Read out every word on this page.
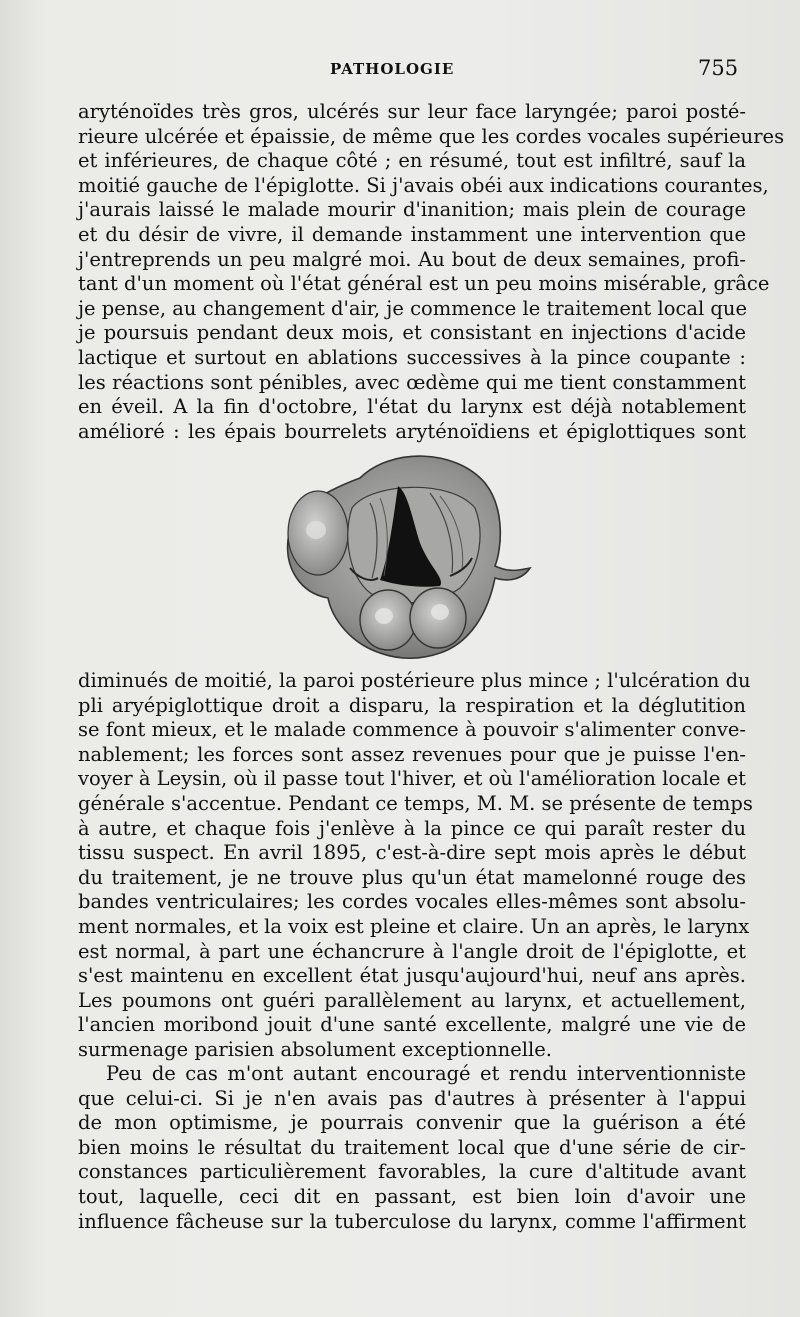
PATHOLOGIE	755
aryténoïdes très gros, ulcérés sur leur face laryngée; paroi posté-
rieure ulcérée et épaissie, de même que les cordes vocales supérieures
et inférieures, de chaque côté ; en résumé, tout est infiltré, sauf la
moitié gauche de l'épiglotte. Si j'avais obéi aux indications courantes,
j'aurais laissé le malade mourir d'inanition; mais plein de courage
et du désir de vivre, il demande instamment une intervention que
j'entreprends un peu malgré moi. Au bout de deux semaines, profi-
tant d'un moment où l'état général est un peu moins misérable, grâce
je pense, au changement d'air, je commence le traitement local que
je poursuis pendant deux mois, et consistant en injections d'acide
lactique et surtout en ablations successives à la pince coupante :
les réactions sont pénibles, avec œdème qui me tient constamment
en éveil. A la fin d'octobre, l'état du larynx est déjà notablement
amélioré : les épais bourrelets aryténoïdiens et épiglottiques sont
diminués de moitié, la paroi postérieure plus mince ; l'ulcération du
pli aryépiglottique droit a disparu, la respiration et la déglutition
se font mieux, et le malade commence à pouvoir s'alimenter conve-
nablement; les forces sont assez revenues pour que je puisse l'en-
voyer à Leysin, où il passe tout l'hiver, et où l'amélioration locale et
générale s'accentue. Pendant ce temps, M. M. se présente de temps
à autre, et chaque fois j'enlève à la pince ce qui paraît rester du
tissu suspect. En avril 1895, c'est-à-dire sept mois après le début
du traitement, je ne trouve plus qu'un état mamelonné rouge des
bandes ventriculaires; les cordes vocales elles-mêmes sont absolu-
ment normales, et la voix est pleine et claire. Un an après, le larynx
est normal, à part une échancrure à l'angle droit de l'épiglotte, et
s'est maintenu en excellent état jusqu'aujourd'hui, neuf ans après.
Les poumons ont guéri parallèlement au larynx, et actuellement,
l'ancien moribond jouit d'une santé excellente, malgré une vie de
surmenage parisien absolument exceptionnelle.
Peu de cas m'ont autant encouragé et rendu interventionniste
que celui-ci. Si je n'en avais pas d'autres à présenter à l'appui
de mon optimisme, je pourrais convenir que la guérison a été
bien moins le résultat du traitement local que d'une série de cir-
constances particulièrement favorables, la cure d'altitude avant
tout, laquelle, ceci dit en passant, est bien loin d'avoir une
influence fâcheuse sur la tuberculose du larynx, comme l'affirment
